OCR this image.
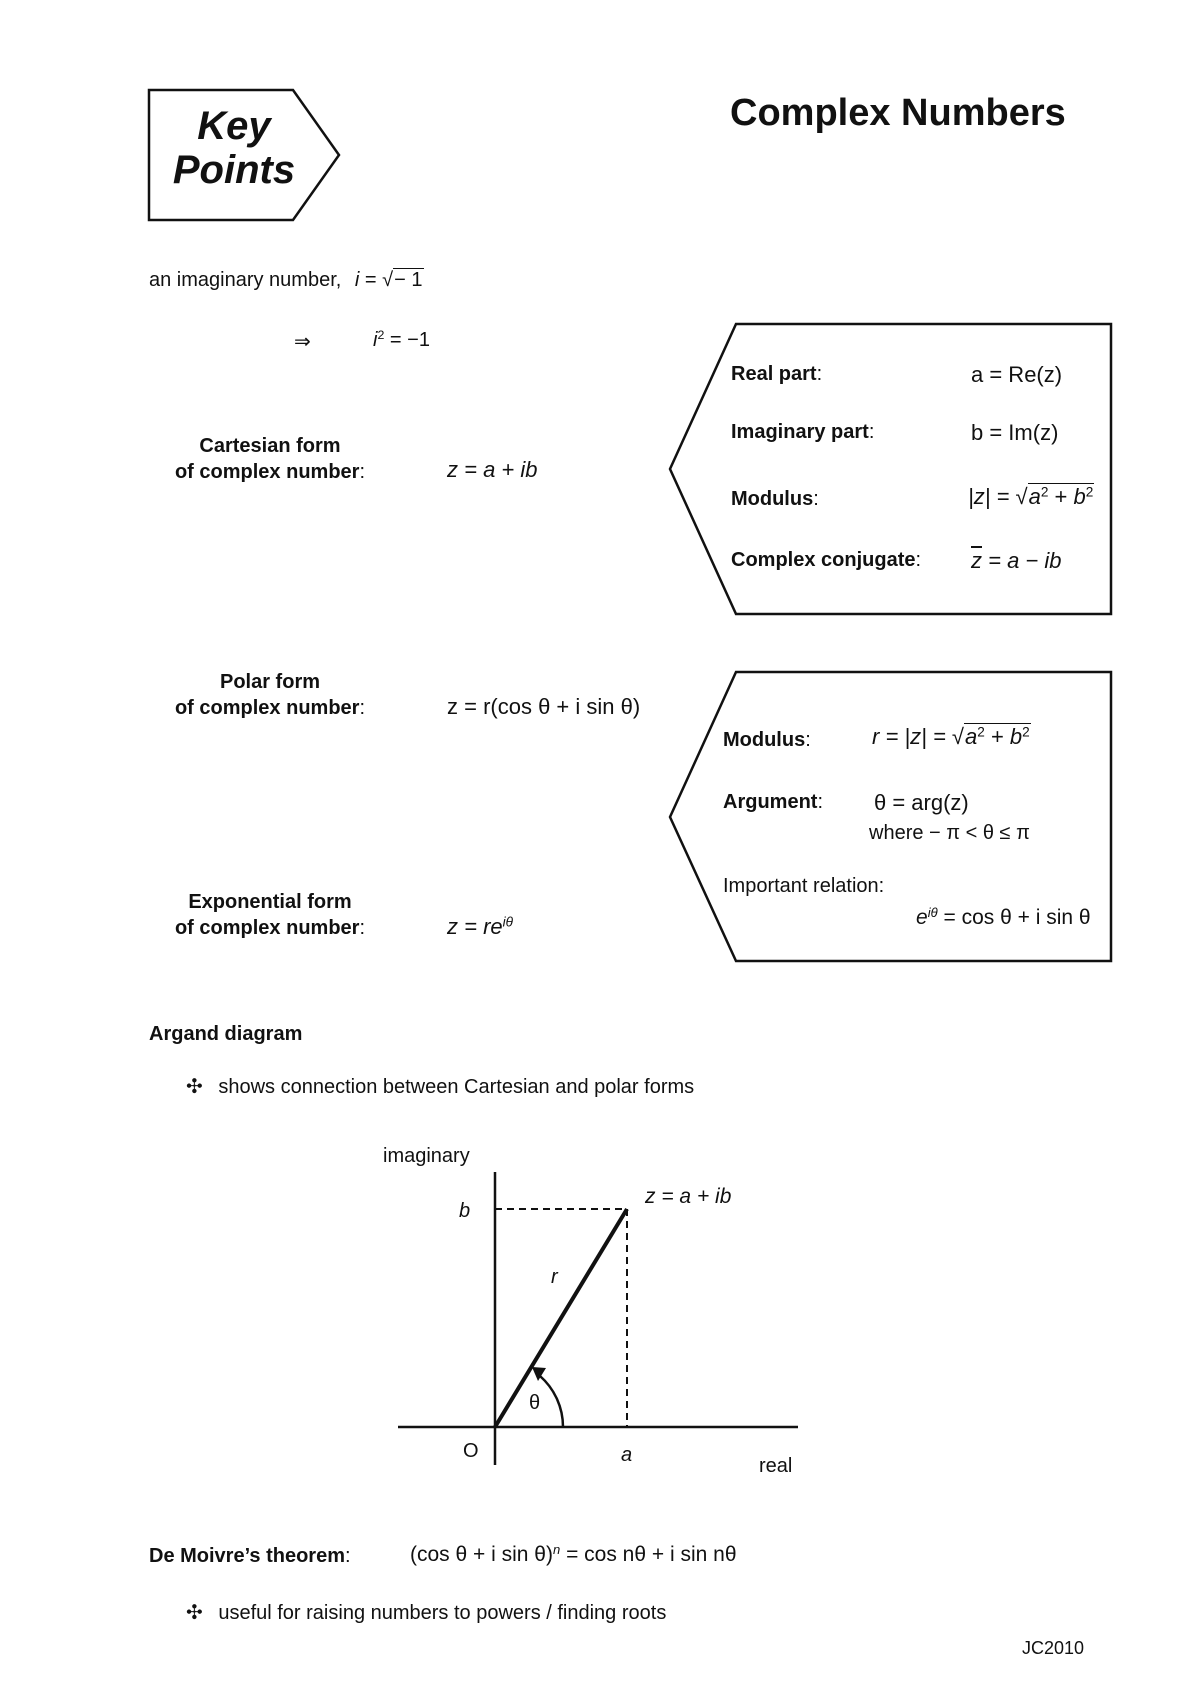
Key
Points
Complex Numbers
an imaginary number, i = √− 1
⇒	$i^2 = -1$
Cartesian form
of complex number:	z = a + ib
Real part:	a = Re(z)
Imaginary part:	b = Im(z)
Modulus:	$|z| = √a^2 + b^2$
Complex conjugate: $\overline{z} = a$ − ib
Polar form
of complex number:	z = r(cos θ + i sin θ)
Modulus:	$r = |z| = √a^2 + b^2$
Argument: θ = arg(z)
where − π < θ ≤ π
Important relation:
$e^{i\theta} = \cos \theta + i$ sin θ
Exponential form
of complex number:	$z = re^{i\theta}$
Argand diagram
✣ shows connection between Cartesian and polar forms
imaginary
real
O	a
b
r
θ
z = a + ib
De Moivre’s theorem:	(cos θ + i sin θ)$^n$ = cos nθ + i sin nθ
✣ useful for raising numbers to powers / finding roots
JC2010
